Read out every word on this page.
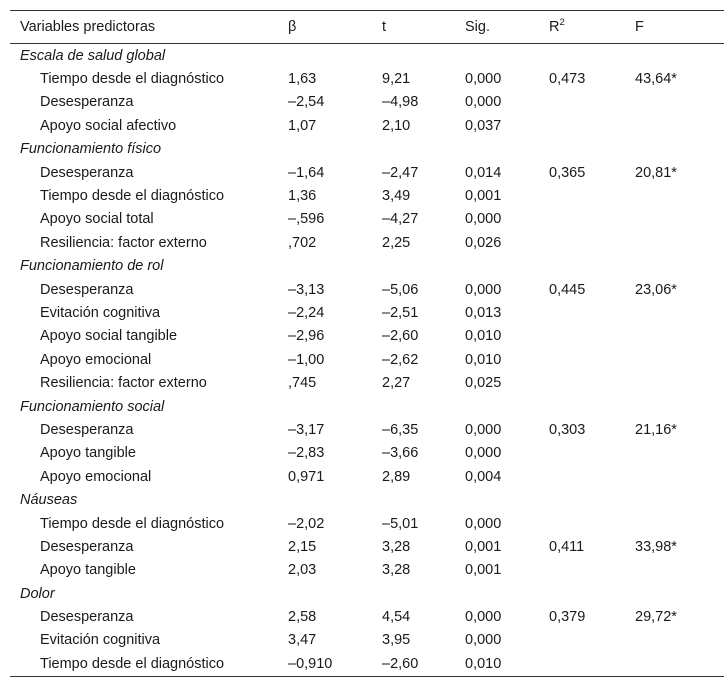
Variables predictoras	β	t	Sig.	$R^2$	F
Escala de salud global					
Tiempo desde el diagnóstico	1,63	9,21	0,000	0,473	43,64*
Desesperanza	–2,54	–4,98	0,000		
Apoyo social afectivo	1,07	2,10	0,037		
Funcionamiento físico					
Desesperanza	–1,64	–2,47	0,014	0,365	20,81*
Tiempo desde el diagnóstico	1,36	3,49	0,001		
Apoyo social total	–,596	–4,27	0,000		
Resiliencia: factor externo	,702	2,25	0,026		
Funcionamiento de rol					
Desesperanza	–3,13	–5,06	0,000	0,445	23,06*
Evitación cognitiva	–2,24	–2,51	0,013		
Apoyo social tangible	–2,96	–2,60	0,010		
Apoyo emocional	–1,00	–2,62	0,010		
Resiliencia: factor externo	,745	2,27	0,025		
Funcionamiento social					
Desesperanza	–3,17	–6,35	0,000	0,303	21,16*
Apoyo tangible	–2,83	–3,66	0,000		
Apoyo emocional	0,971	2,89	0,004		
Náuseas					
Tiempo desde el diagnóstico	–2,02	–5,01	0,000		
Desesperanza	2,15	3,28	0,001	0,411	33,98*
Apoyo tangible	2,03	3,28	0,001		
Dolor					
Desesperanza	2,58	4,54	0,000	0,379	29,72*
Evitación cognitiva	3,47	3,95	0,000		
Tiempo desde el diagnóstico	–0,910	–2,60	0,010		
